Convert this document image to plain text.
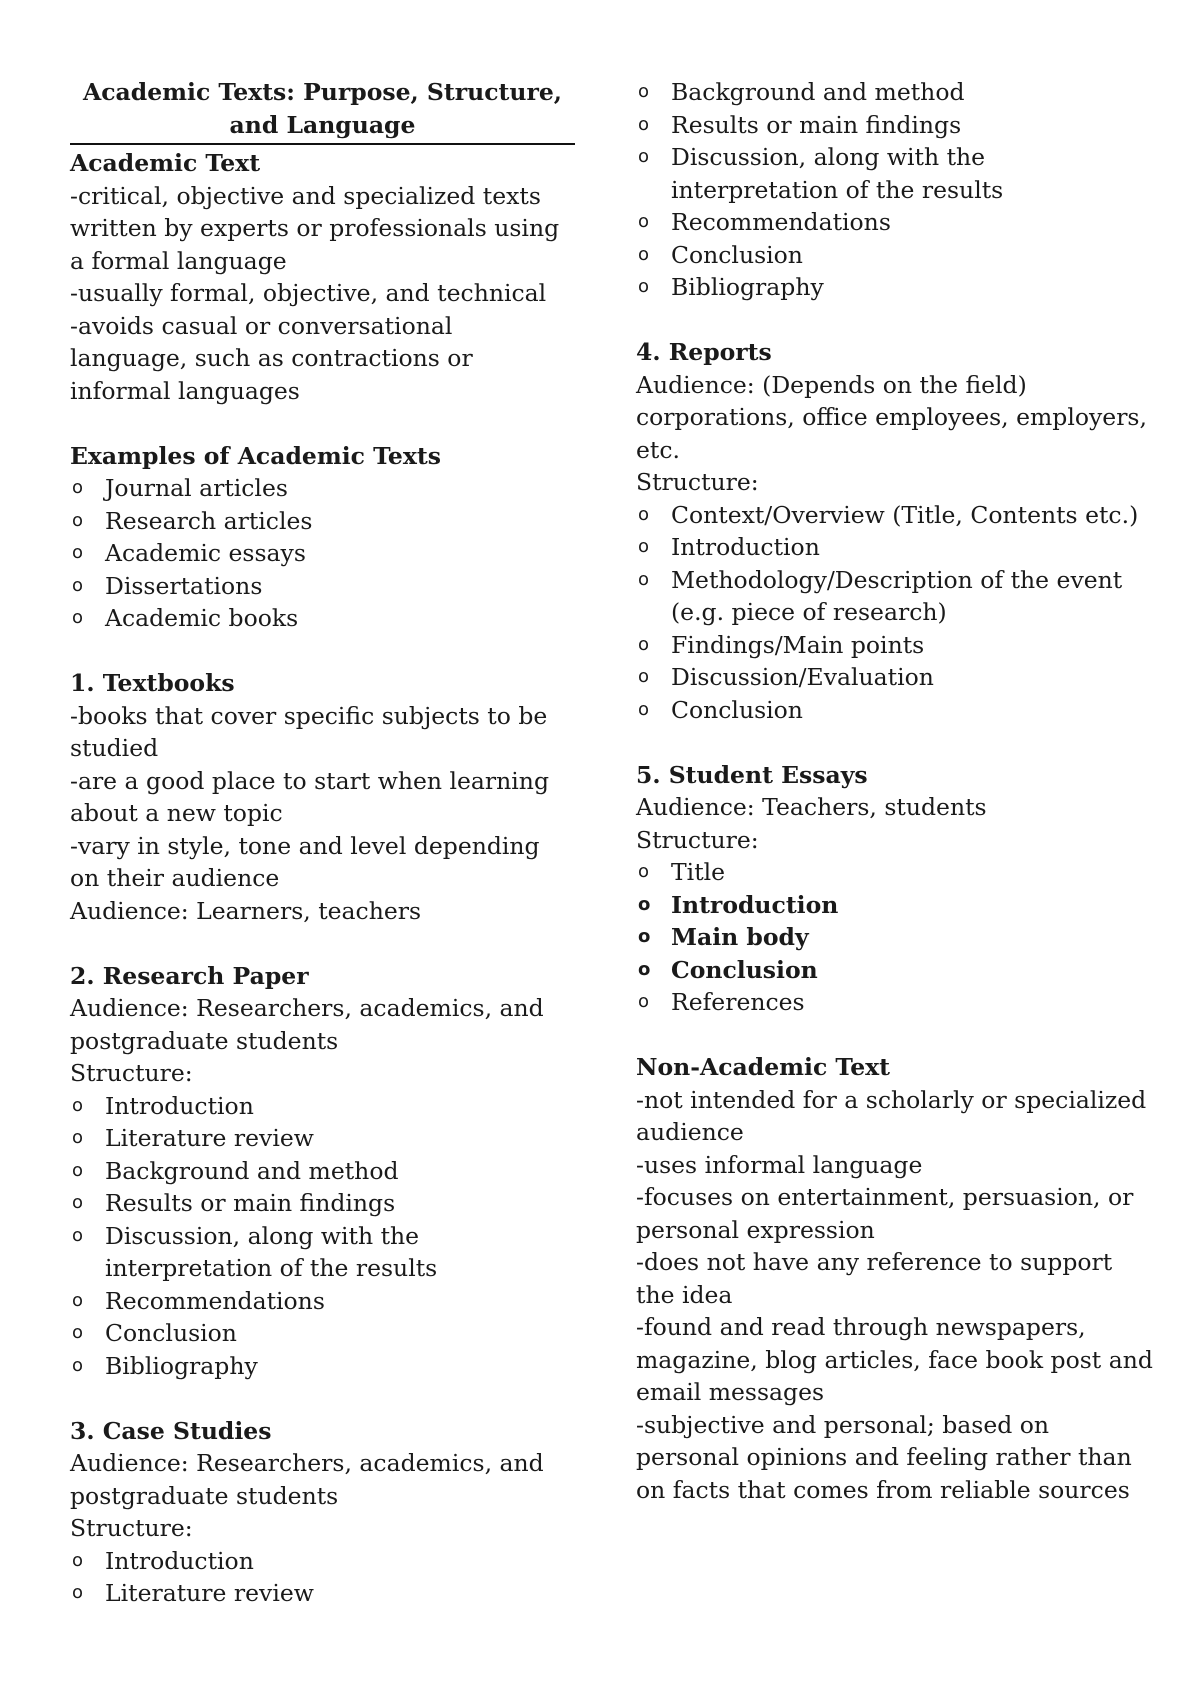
Academic Texts: Purpose, Structure, and Language
Academic Text
-critical, objective and specialized texts written by experts or professionals using a formal language
-usually formal, objective, and technical
-avoids casual or conversational language, such as contractions or informal languages
Examples of Academic Texts
o Journal articles
o Research articles
o Academic essays
o Dissertations
o Academic books
1. Textbooks
-books that cover specific subjects to be studied
-are a good place to start when learning about a new topic
-vary in style, tone and level depending on their audience
Audience: Learners, teachers
2. Research Paper
Audience: Researchers, academics, and postgraduate students
Structure:
o Introduction
o Literature review
o Background and method
o Results or main findings
o Discussion, along with the interpretation of the results
o Recommendations
o Conclusion
o Bibliography
3. Case Studies
Audience: Researchers, academics, and postgraduate students
Structure:
o Introduction
o Literature review
o Background and method
o Results or main findings
o Discussion, along with the interpretation of the results
o Recommendations
o Conclusion
o Bibliography
4. Reports
Audience: (Depends on the field) corporations, office employees, employers, etc.
Structure:
o Context/Overview (Title, Contents etc.)
o Introduction
o Methodology/Description of the event (e.g. piece of research)
o Findings/Main points
o Discussion/Evaluation
o Conclusion
5. Student Essays
Audience: Teachers, students
Structure:
o Title
o Introduction
o Main body
o Conclusion
o References
Non-Academic Text
-not intended for a scholarly or specialized audience
-uses informal language
-focuses on entertainment, persuasion, or personal expression
-does not have any reference to support the idea
-found and read through newspapers, magazine, blog articles, face book post and email messages
-subjective and personal; based on personal opinions and feeling rather than on facts that comes from reliable sources
